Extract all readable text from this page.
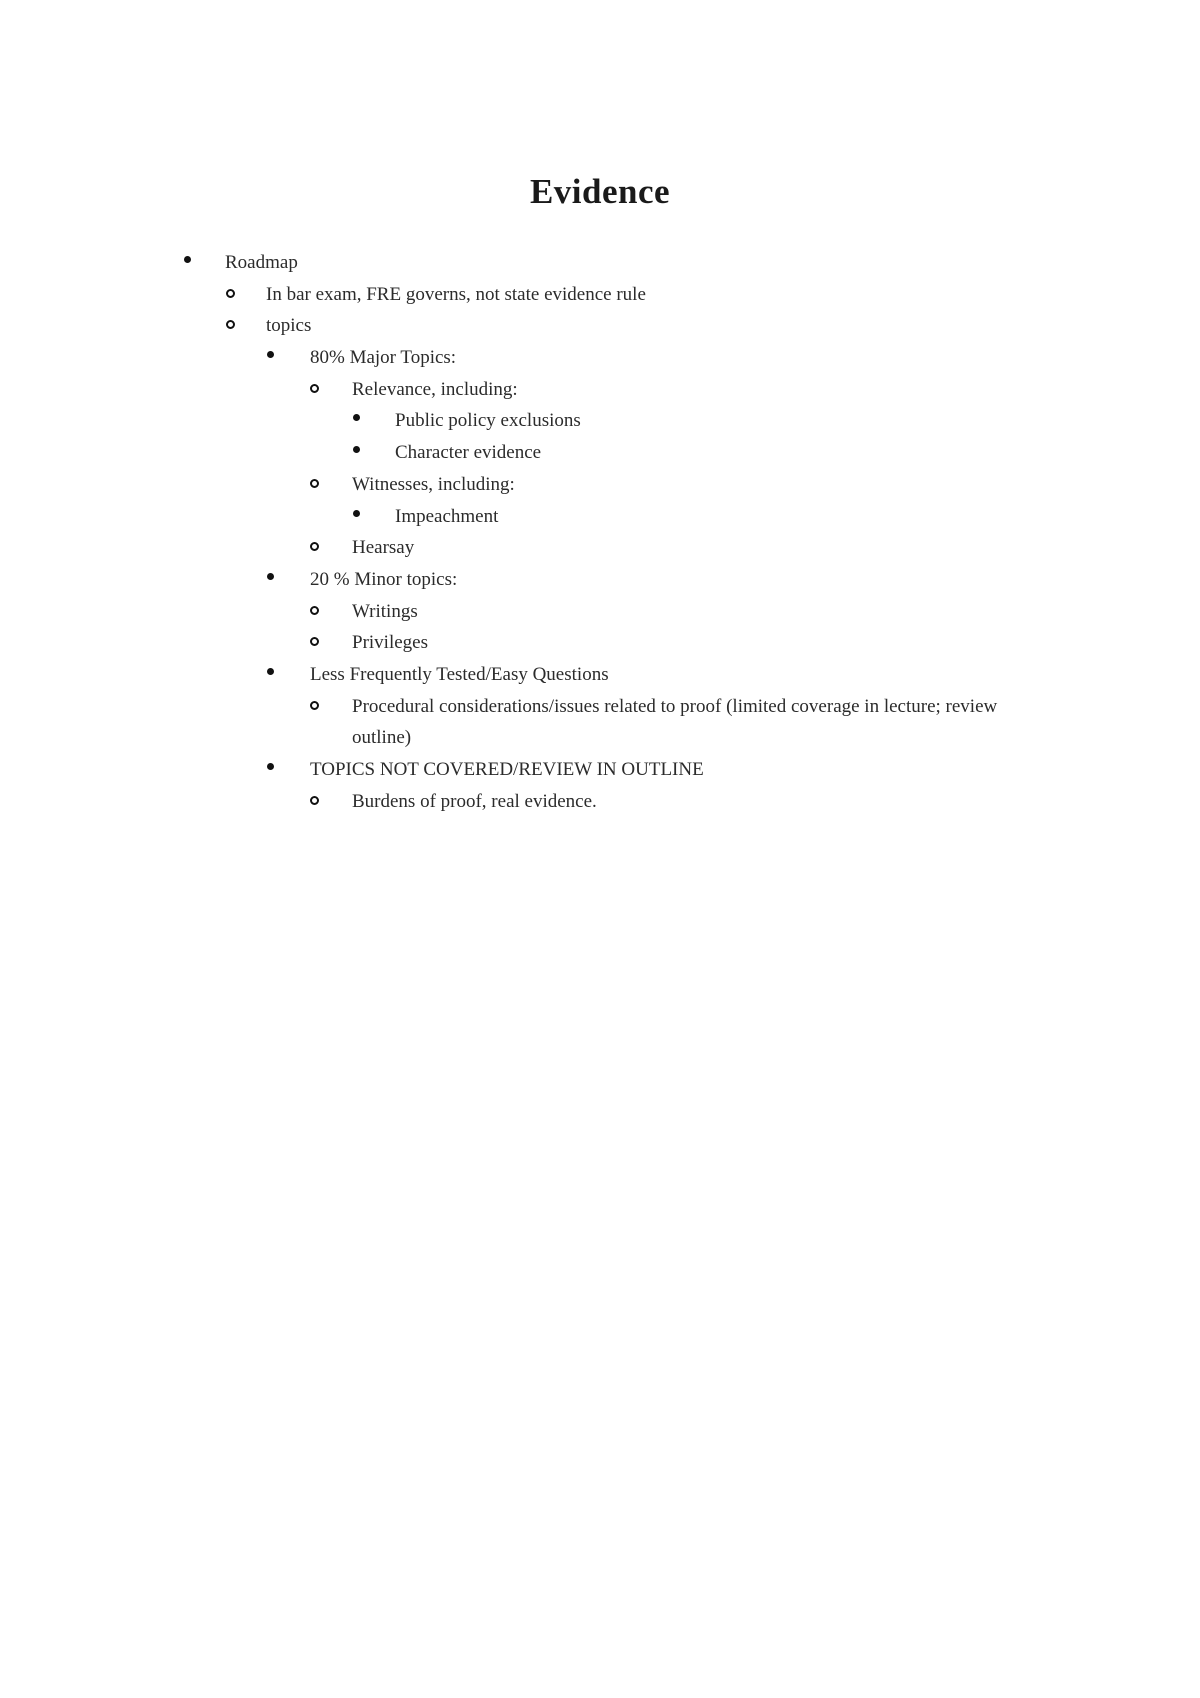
Evidence
Roadmap
In bar exam, FRE governs, not state evidence rule
topics
80% Major Topics:
Relevance, including:
Public policy exclusions
Character evidence
Witnesses, including:
Impeachment
Hearsay
20 % Minor topics:
Writings
Privileges
Less Frequently Tested/Easy Questions
Procedural considerations/issues related to proof (limited coverage in lecture; review outline)
TOPICS NOT COVERED/REVIEW IN OUTLINE
Burdens of proof, real evidence.
